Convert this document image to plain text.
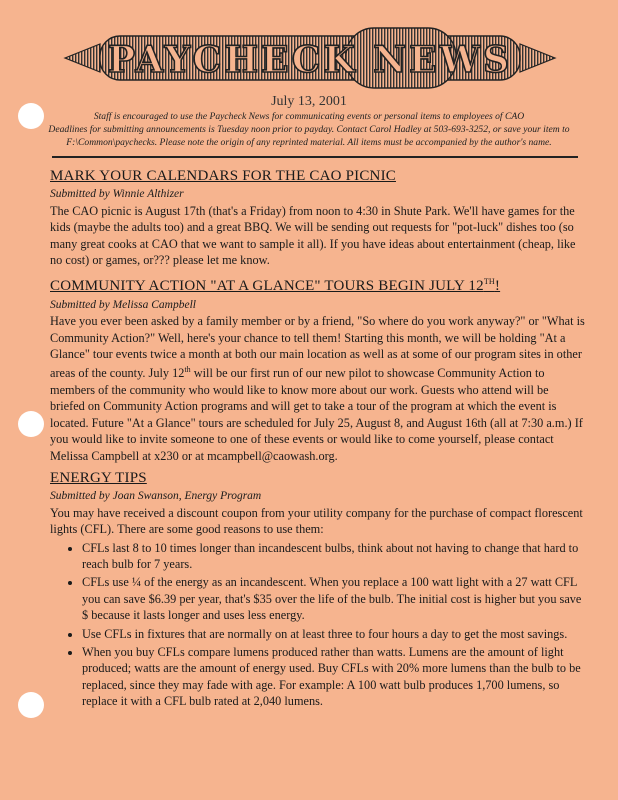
PAYCHECK NEWS
July 13, 2001
Staff is encouraged to use the Paycheck News for communicating events or personal items to employees of CAO
Deadlines for submitting announcements is Tuesday noon prior to payday. Contact Carol Hadley at 503-693-3252, or save your item to
F:\Common\paychecks. Please note the origin of any reprinted material. All items must be accompanied by the author's name.
MARK YOUR CALENDARS FOR THE CAO PICNIC

Submitted by Winnie Althizer

The CAO picnic is August 17th (that's a Friday) from noon to 4:30 in Shute Park. We'll have games for the kids (maybe the adults too) and a great BBQ. We will be sending out requests for "pot-luck" dishes too (so many great cooks at CAO that we want to sample it all). If you have ideas about entertainment (cheap, like no cost) or games, or??? please let me know.

COMMUNITY ACTION "AT A GLANCE" TOURS BEGIN JULY 12TH!

Submitted by Melissa Campbell

Have you ever been asked by a family member or by a friend, "So where do you work anyway?" or "What is Community Action?" Well, here's your chance to tell them! Starting this month, we will be holding "At a Glance" tour events twice a month at both our main location as well as at some of our program sites in other areas of the county. July 12th will be our first run of our new pilot to showcase Community Action to members of the community who would like to know more about our work. Guests who attend will be briefed on Community Action programs and will get to take a tour of the program at which the event is located. Future "At a Glance" tours are scheduled for July 25, August 8, and August 16th (all at 7:30 a.m.) If you would like to invite someone to one of these events or would like to come yourself, please contact Melissa Campbell at x230 or at mcampbell@caowash.org.

ENERGY TIPS

Submitted by Joan Swanson, Energy Program

You may have received a discount coupon from your utility company for the purchase of compact florescent lights (CFL). There are some good reasons to use them:

• CFLs last 8 to 10 times longer than incandescent bulbs, think about not having to change that hard to reach bulb for 7 years.
• CFLs use ¼ of the energy as an incandescent. When you replace a 100 watt light with a 27 watt CFL you can save $6.39 per year, that's $35 over the life of the bulb. The initial cost is higher but you save $ because it lasts longer and uses less energy.
• Use CFLs in fixtures that are normally on at least three to four hours a day to get the most savings.
• When you buy CFLs compare lumens produced rather than watts. Lumens are the amount of light produced; watts are the amount of energy used. Buy CFLs with 20% more lumens than the bulb to be replaced, since they may fade with age. For example: A 100 watt bulb produces 1,700 lumens, so replace it with a CFL bulb rated at 2,040 lumens.
